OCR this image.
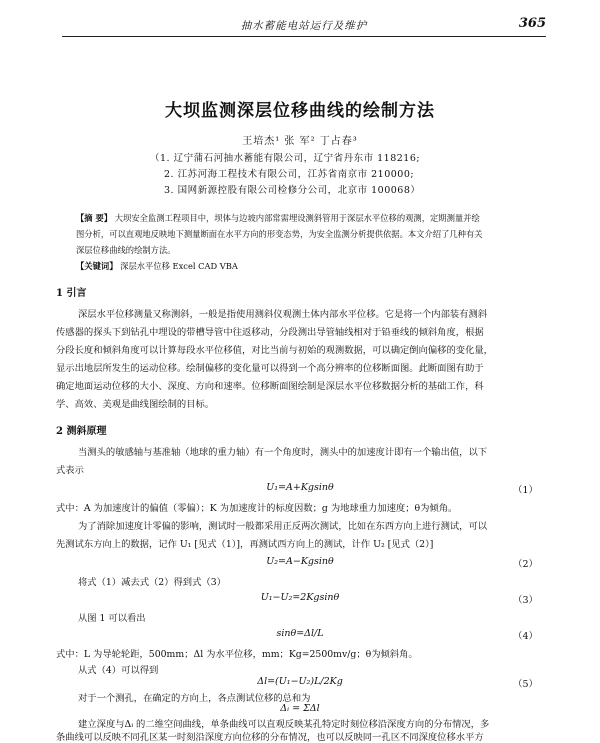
抽水蓄能电站运行及维护	365
大坝监测深层位移曲线的绘制方法
王培杰¹ 张 军² 丁占春³
（1. 辽宁蒲石河抽水蓄能有限公司，辽宁省丹东市 118216;
2. 江苏河海工程技术有限公司，江苏省南京市 210000;
3. 国网新源控股有限公司检修分公司，北京市 100068）
【摘 要】 大坝安全监测工程项目中，坝体与边坡内部常需埋设测斜管用于深层水平位移的观测，定期测量并绘
图分析，可以直观地反映地下测量断面在水平方向的形变态势，为安全监测分析提供依据。本文介绍了几种有关
深层位移曲线的绘制方法。
【关键词】 深层水平位移 Excel CAD VBA
1 引言
深层水平位移测量又称测斜，一般是指使用测斜仪观测土体内部水平位移。它是将一个内部装有测斜
传感器的探头下到钻孔中埋设的带槽导管中往返移动，分段测出导管轴线相对于铅垂线的倾斜角度，根据
分段长度和倾斜角度可以计算每段水平位移值，对比当前与初始的观测数据，可以确定倒向偏移的变化量，
显示出地层所发生的运动位移。绘制偏移的变化量可以得到一个高分辨率的位移断面图。此断面图有助于
确定地面运动位移的大小、深度、方向和速率。位移断面图绘制是深层水平位移数据分析的基础工作，科
学、高效、美观是曲线图绘制的目标。
2 测斜原理
当测头的敏感轴与基准轴（地球的重力轴）有一个角度时，测头中的加速度计即有一个输出值，以下
式表示
U₁=A+Kgsinθ	（1）
式中：A 为加速度计的偏值（零偏）；K 为加速度计的标度因数；g 为地球重力加速度；θ为倾角。
为了消除加速度计零偏的影响，测试时一般都采用正反两次测试，比如在东西方向上进行测试，可以
先测试东方向上的数据，记作 U₁ [见式（1）]，再测试西方向上的测试，计作 U₂ [见式（2）]
U₂=A−Kgsinθ	（2）
将式（1）减去式（2）得到式（3）
U₁−U₂=2Kgsinθ	（3）
从图 1 可以看出
sinθ=Δl/L	（4）
式中：L 为导轮轮距，500mm；Δl 为水平位移，mm；Kg=2500mv/g；θ为倾斜角。
从式（4）可以得到
Δl=(U₁−U₂)L/2Kg	（5）
对于一个测孔，在确定的方向上，各点测试位移的总和为
Δᵢ = ΣΔl
建立深度与Δᵢ 的二维空间曲线，单条曲线可以直观反映某孔特定时刻位移沿深度方向的分布情况，多
条曲线可以反映不同孔区某一时刻沿深度方向位移的分布情况，也可以反映同一孔区不同深度位移水平方
